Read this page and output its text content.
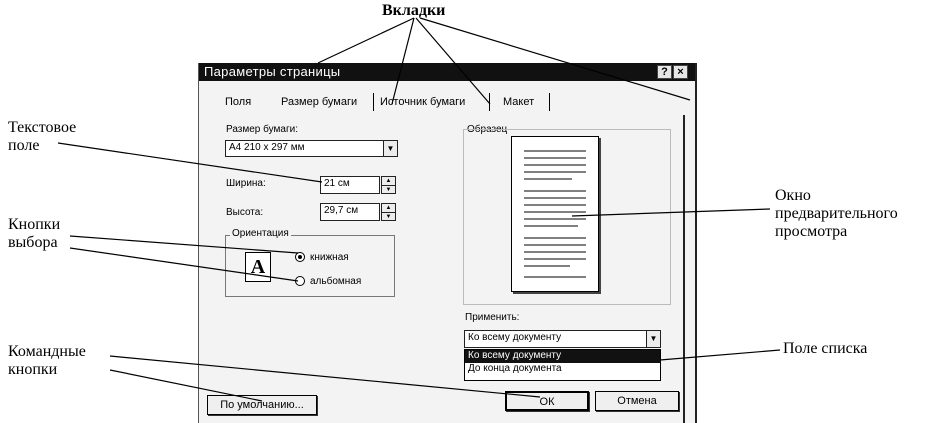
Вкладки
Текстовое
поле
Кнопки
выбора
Командные
кнопки
Окно
предварительного
просмотра
Поле списка
Параметры страницы	? ×
Поля	Размер бумаги Источник бумаги	Макет
Размер бумаги:
А4 210 х 297 мм	▼
Ширина:	21 см	▲
▼
Высота:	29,7 см	▲
▼
Ориентация
A	книжная
альбомная
Образец
Применить:
Ко всему документу	▼
Ко всему документу
До конца документа
По умолчанию...	ОК	Отмена
